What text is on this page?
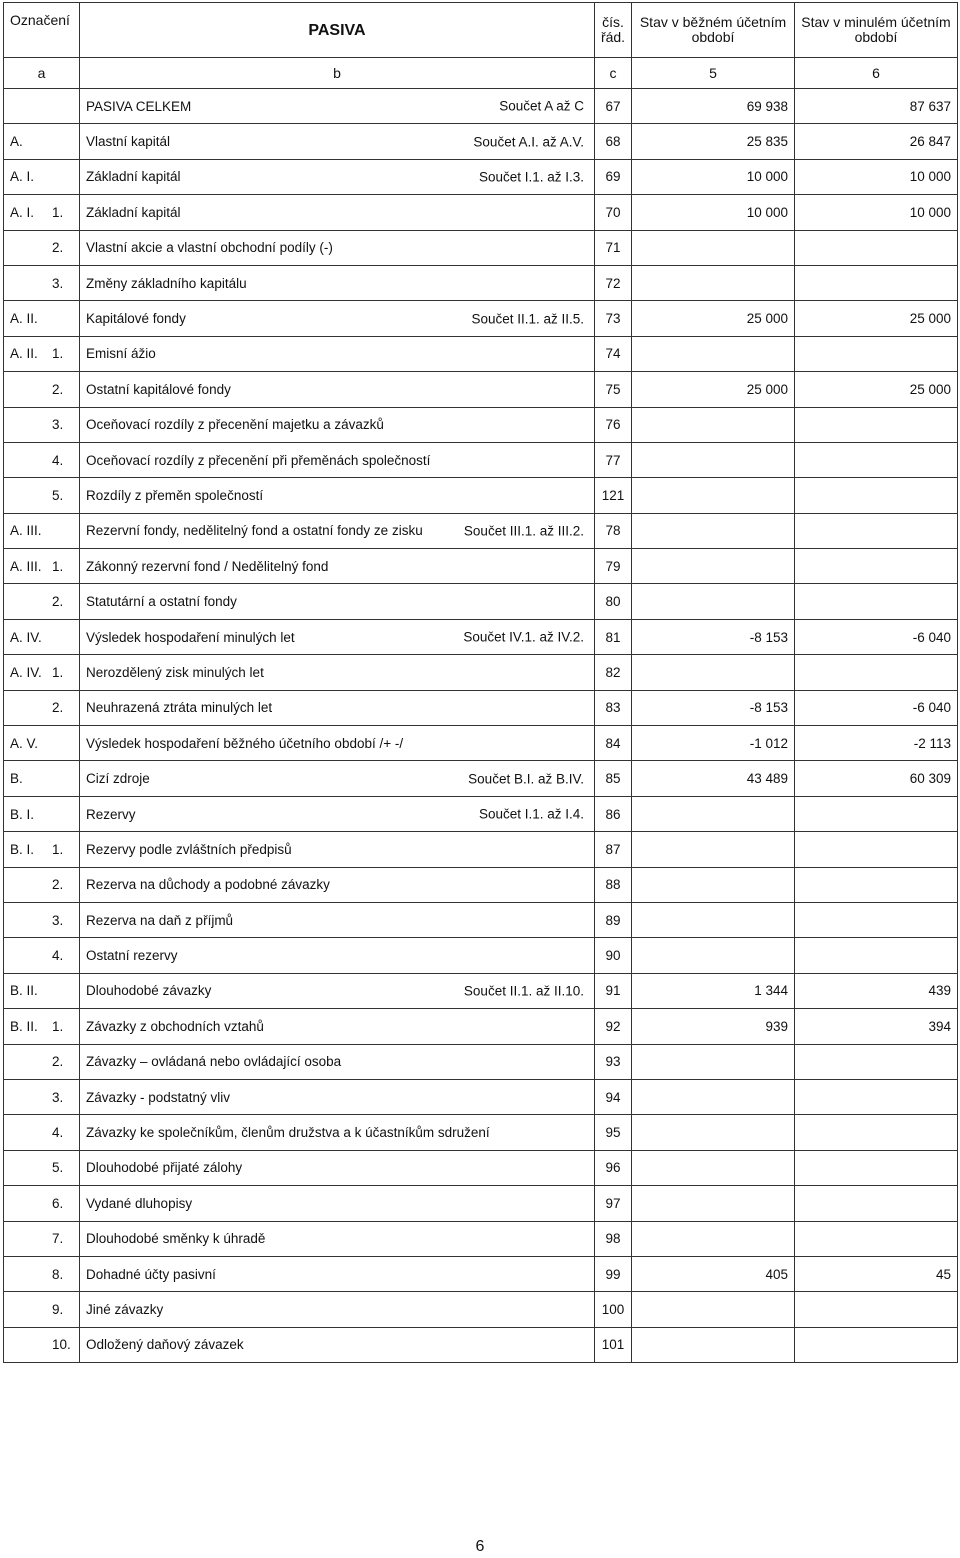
Označení	PASIVA	čís. řád.	Stav v běžném účetním období	Stav v minulém účetním období
a	b	c	5	6
	PASIVA CELKEM Součet A až C	67	69 938	87 637
A.	Vlastní kapitál Součet A.I. až A.V.	68	25 835	26 847
A. I.	Základní kapitál Součet I.1. až I.3.	69	10 000	10 000
A. I. 1.	Základní kapitál	70	10 000	10 000
2.	Vlastní akcie a vlastní obchodní podíly (-)	71		
3.	Změny základního kapitálu	72		
A. II.	Kapitálové fondy Součet II.1. až II.5.	73	25 000	25 000
A. II. 1.	Emisní ážio	74		
2.	Ostatní kapitálové fondy	75	25 000	25 000
3.	Oceňovací rozdíly z přecenění majetku a závazků	76		
4.	Oceňovací rozdíly z přecenění při přeměnách společností	77		
5.	Rozdíly z přeměn společností	121		
A. III.	Rezervní fondy, nedělitelný fond a ostatní fondy ze zisku Součet III.1. až III.2.	78		
A. III. 1.	Zákonný rezervní fond / Nedělitelný fond	79		
2.	Statutární a ostatní fondy	80		
A. IV.	Výsledek hospodaření minulých let Součet IV.1. až IV.2.	81	-8 153	-6 040
A. IV. 1.	Nerozdělený zisk minulých let	82		
2.	Neuhrazená ztráta minulých let	83	-8 153	-6 040
A. V.	Výsledek hospodaření běžného účetního období /+ -/	84	-1 012	-2 113
B.	Cizí zdroje Součet B.I. až B.IV.	85	43 489	60 309
B. I.	Rezervy Součet I.1. až I.4.	86		
B. I. 1.	Rezervy podle zvláštních předpisů	87		
2.	Rezerva na důchody a podobné závazky	88		
3.	Rezerva na daň z příjmů	89		
4.	Ostatní rezervy	90		
B. II.	Dlouhodobé závazky Součet II.1. až II.10.	91	1 344	439
B. II. 1.	Závazky z obchodních vztahů	92	939	394
2.	Závazky – ovládaná nebo ovládající osoba	93		
3.	Závazky - podstatný vliv	94		
4.	Závazky ke společníkům, členům družstva a k účastníkům sdružení	95		
5.	Dlouhodobé přijaté zálohy	96		
6.	Vydané dluhopisy	97		
7.	Dlouhodobé směnky k úhradě	98		
8.	Dohadné účty pasivní	99	405	45
9.	Jiné závazky	100		
10.	Odložený daňový závazek	101		
6
